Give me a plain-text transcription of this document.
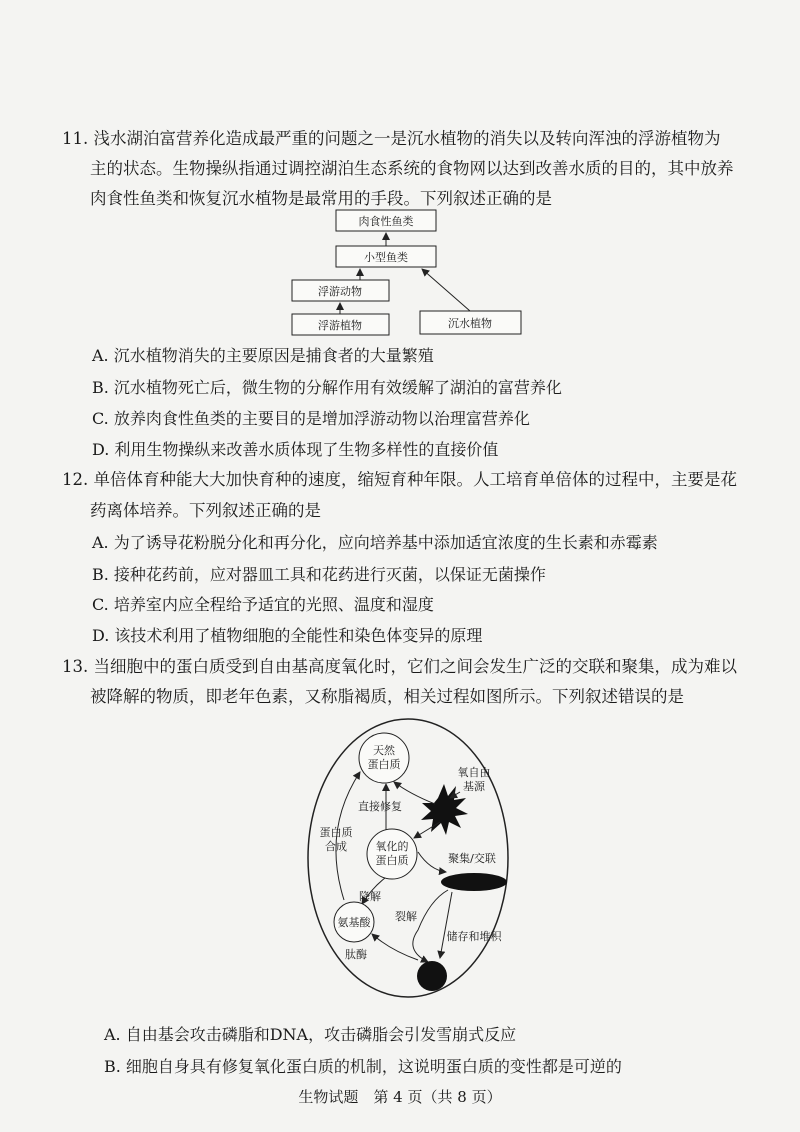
11. 浅水湖泊富营养化造成最严重的问题之一是沉水植物的消失以及转向浑浊的浮游植物为
主的状态。生物操纵指通过调控湖泊生态系统的食物网以达到改善水质的目的，其中放养
肉食性鱼类和恢复沉水植物是最常用的手段。下列叙述正确的是
肉食性鱼类
小型鱼类
浮游动物
浮游植物	沉水植物
A. 沉水植物消失的主要原因是捕食者的大量繁殖
B. 沉水植物死亡后，微生物的分解作用有效缓解了湖泊的富营养化
C. 放养肉食性鱼类的主要目的是增加浮游动物以治理富营养化
D. 利用生物操纵来改善水质体现了生物多样性的直接价值
12. 单倍体育种能大大加快育种的速度，缩短育种年限。人工培育单倍体的过程中，主要是花
药离体培养。下列叙述正确的是
A. 为了诱导花粉脱分化和再分化，应向培养基中添加适宜浓度的生长素和赤霉素
B. 接种花药前，应对器皿工具和花药进行灭菌，以保证无菌操作
C. 培养室内应全程给予适宜的光照、温度和湿度
D. 该技术利用了植物细胞的全能性和染色体变异的原理
13. 当细胞中的蛋白质受到自由基高度氧化时，它们之间会发生广泛的交联和聚集，成为难以
被降解的物质，即老年色素，又称脂褐质，相关过程如图所示。下列叙述错误的是
天然
蛋白质
氧自由
基源
直接修复
氧化的
蛋白质
蛋白质
合成
聚集/交联
降解
裂解
氨基酸
肽酶
储存和堆积
A. 自由基会攻击磷脂和DNA，攻击磷脂会引发雪崩式反应
B. 细胞自身具有修复氧化蛋白质的机制，这说明蛋白质的变性都是可逆的
生物试题　第 4 页（共 8 页）
